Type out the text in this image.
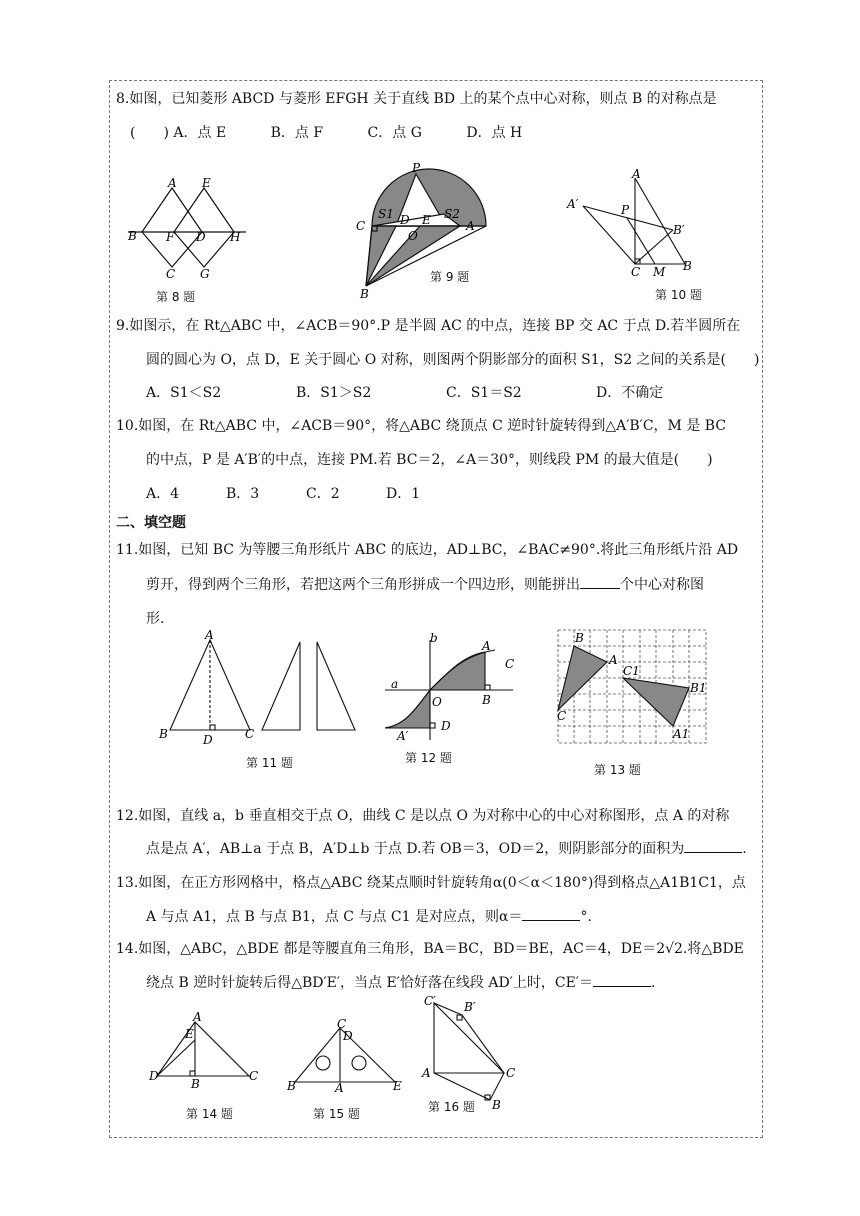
8.如图，已知菱形 ABCD 与菱形 EFGH 关于直线 BD 上的某个点中心对称，则点 B 的对称点是
(　　) A．点 E	B．点 F	C．点 G	D．点 H
A E
B F D H
C G
第 8 题
P
S1 D E S2
C
O
A
B
第 9 题
A
A′	P
B′
C M B
第 10 题
9.如图示，在 Rt△ABC 中，∠ACB＝90°.P 是半圆 AC 的中点，连接 BP 交 AC 于点 D.若半圆所在
圆的圆心为 O，点 D，E 关于圆心 O 对称，则图两个阴影部分的面积 S1，S2 之间的关系是(　　)
A．S1＜S2	B．S1＞S2	C．S1＝S2	D．不确定
10.如图，在 Rt△ABC 中，∠ACB＝90°，将△ABC 绕顶点 C 逆时针旋转得到△A′B′C，M 是 BC
的中点，P 是 A′B′的中点，连接 PM.若 BC＝2，∠A＝30°，则线段 PM 的最大值是(　　)
A．4	B．3	C．2	D．1
二、填空题
11.如图，已知 BC 为等腰三角形纸片 ABC 的底边，AD⊥BC，∠BAC≠90°.将此三角形纸片沿 AD
剪开，得到两个三角形，若把这两个三角形拼成一个四边形，则能拼出	个中心对称图
形.
A
B	D	C
第 11 题
b
A
C
a
O	B
D
A′
第 12 题
B
A
C1
B1
C
A1
第 13 题
12.如图，直线 a，b 垂直相交于点 O，曲线 C 是以点 O 为对称中心的中心对称图形，点 A 的对称
点是点 A′，AB⊥a 于点 B，A′D⊥b 于点 D.若 OB＝3，OD＝2，则阴影部分的面积为	.
13.如图，在正方形网格中，格点△ABC 绕某点顺时针旋转角α(0＜α＜180°)得到格点△A1B1C1，点
A 与点 A1，点 B 与点 B1，点 C 与点 C1 是对应点，则α＝	°.
14.如图，△ABC，△BDE 都是等腰直角三角形，BA＝BC，BD＝BE，AC＝4，DE＝2√2.将△BDE
绕点 B 逆时针旋转后得△BD′E′，当点 E′恰好落在线段 AD′上时，CE′＝	.
A
E
D
B
C
第 14 题
C
D
B	A	E
第 15 题
C′ B′
A	C
B
第 16 题
